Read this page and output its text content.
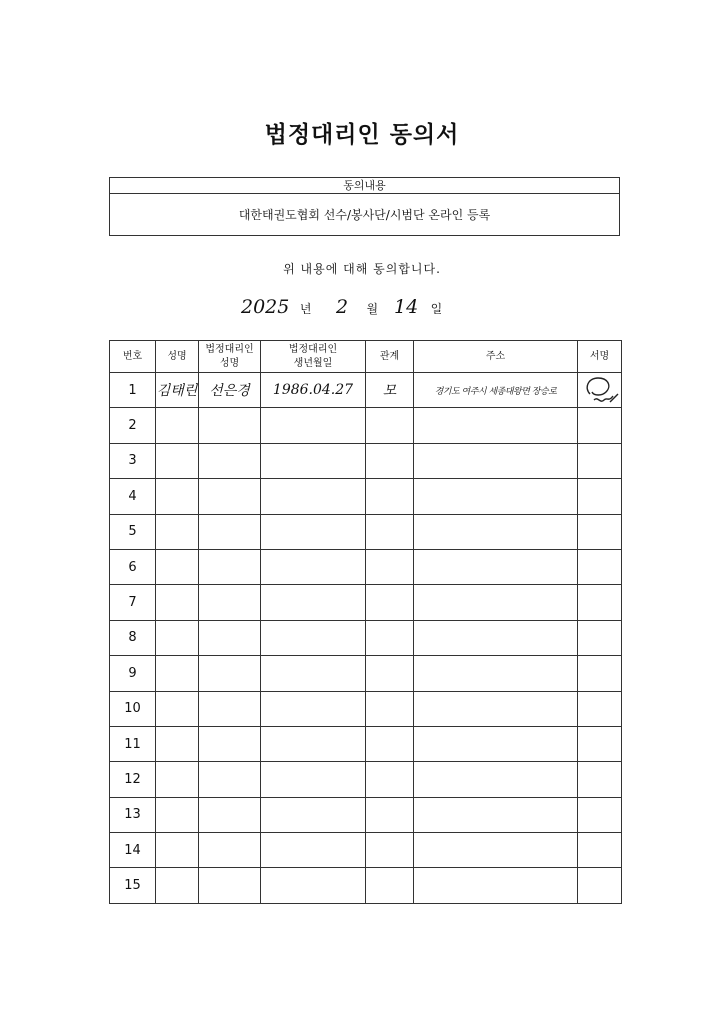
법정대리인 동의서
동의내용
대한태권도협회 선수/봉사단/시범단 온라인 등록
위 내용에 대해 동의합니다.
2025 년 2 월 14 일
번호	성명	법정대리인 성명	법정대리인 생년월일	관계	주소	서명
1	김태린	선은경	1986.04.27	모	경기도 여주시 세종대왕면 장승로	

2						
3						
4						
5						
6						
7						
8						
9						
10						
11						
12						
13						
14						
15						
